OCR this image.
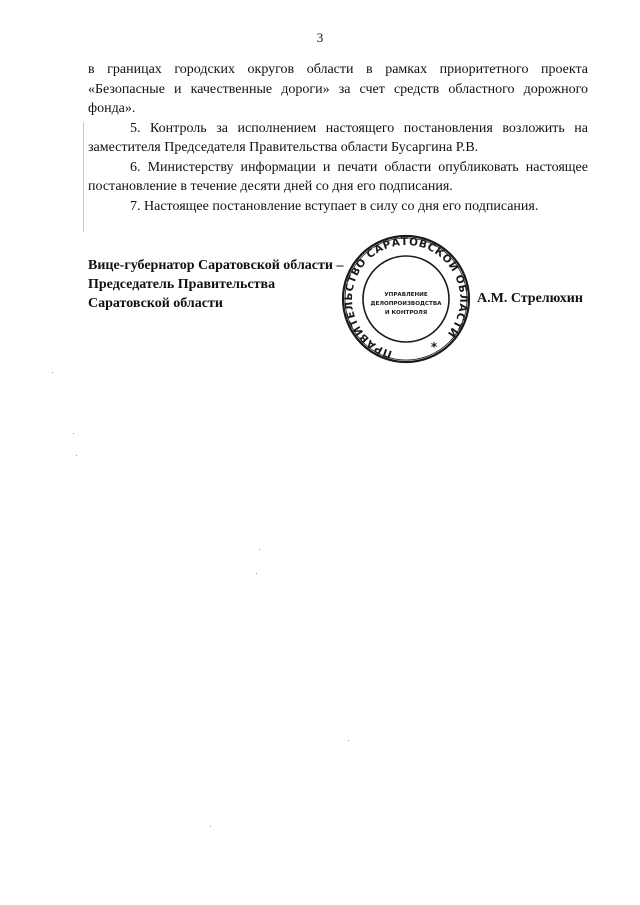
3

в границах городских округов области в рамках приоритетного проекта «Безопасные и качественные дороги» за счет средств областного дорожного фонда».

5. Контроль за исполнением настоящего постановления возложить на заместителя Председателя Правительства области Бусаргина Р.В.

6. Министерству информации и печати области опубликовать настоящее постановление в течение десяти дней со дня его подписания.

7. Настоящее постановление вступает в силу со дня его подписания.

Вице-губернатор Саратовской области –
Председатель Правительства
Саратовской области	А.М. Стрелюхин
ПРАВИТЕЛЬСТВО САРАТОВСКОЙ ОБЛАСТИ
УПРАВЛЕНИЕ
ДЕЛОПРОИЗВОДСТВА
И КОНТРОЛЯ
*
